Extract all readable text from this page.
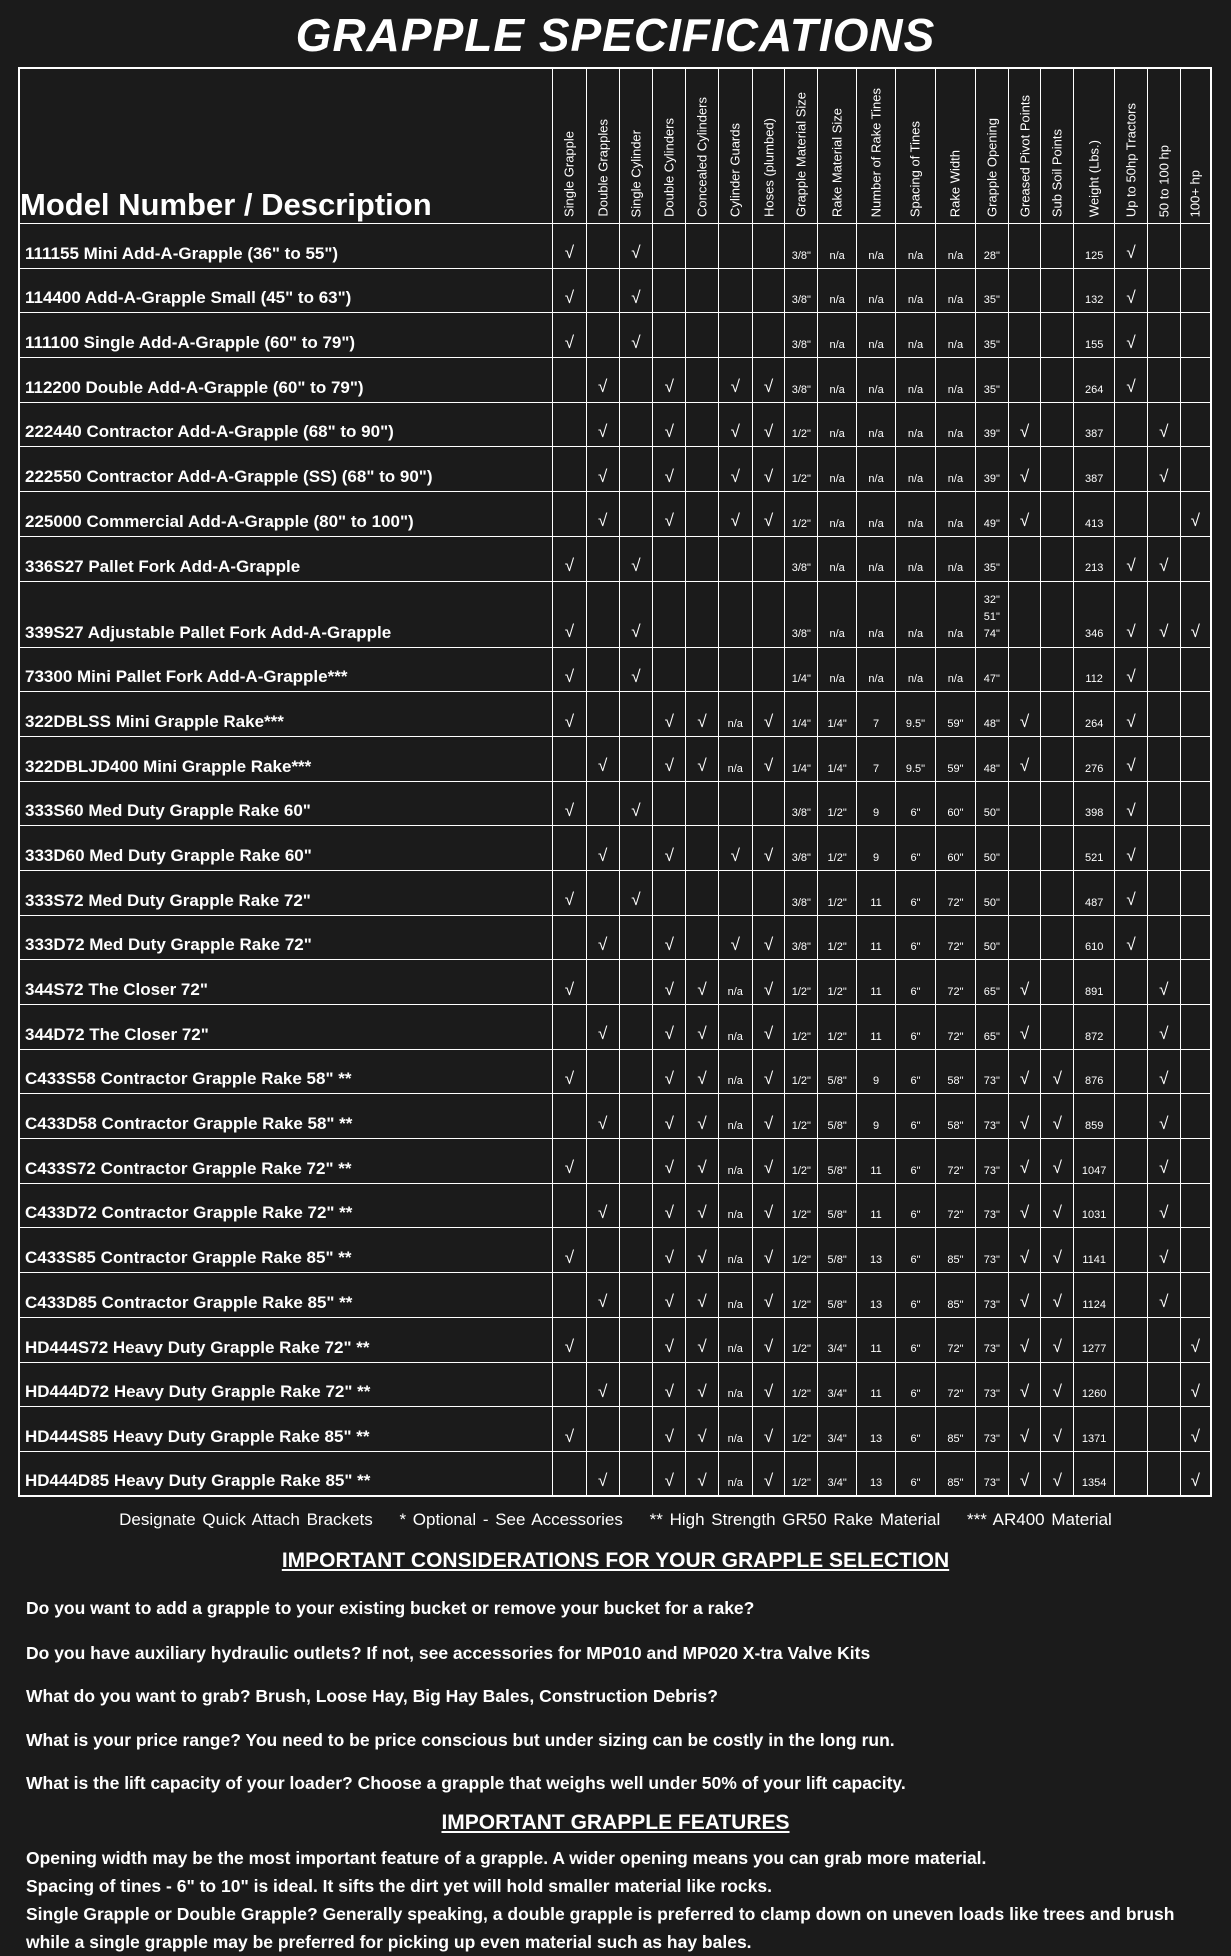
GRAPPLE SPECIFICATIONS
Model Number / Description	Single Grapple	Double Grapples	Single Cylinder	Double Cylinders	Concealed Cylinders	Cylinder Guards	Hoses (plumbed)	Grapple Material Size	Rake Material Size	Number of Rake Tines	Spacing of Tines	Rake Width	Grapple Opening	Greased Pivot Points	Sub Soil Points	Weight (Lbs.)	Up to 50hp Tractors	50 to 100 hp	100+ hp

111155 Mini Add-A-Grapple (36" to 55")	√		√					3/8"	n/a	n/a	n/a	n/a	28"			125	√		
114400 Add-A-Grapple Small (45" to 63")	√		√					3/8"	n/a	n/a	n/a	n/a	35"			132	√		
111100 Single Add-A-Grapple (60" to 79")	√		√					3/8"	n/a	n/a	n/a	n/a	35"			155	√		
112200 Double Add-A-Grapple (60" to 79")		√		√		√	√	3/8"	n/a	n/a	n/a	n/a	35"			264	√		
222440 Contractor Add-A-Grapple (68" to 90")		√		√		√	√	1/2"	n/a	n/a	n/a	n/a	39"	√		387		√	
222550 Contractor Add-A-Grapple (SS) (68" to 90")		√		√		√	√	1/2"	n/a	n/a	n/a	n/a	39"	√		387		√	
225000 Commercial Add-A-Grapple (80" to 100")		√		√		√	√	1/2"	n/a	n/a	n/a	n/a	49"	√		413			√
336S27 Pallet Fork Add-A-Grapple	√		√					3/8"	n/a	n/a	n/a	n/a	35"			213	√	√	
339S27 Adjustable Pallet Fork Add-A-Grapple	√		√					3/8"	n/a	n/a	n/a	n/a	32"
51"
74"			346	√	√	√
73300 Mini Pallet Fork Add-A-Grapple***	√		√					1/4"	n/a	n/a	n/a	n/a	47"			112	√		
322DBLSS Mini Grapple Rake***	√			√	√	n/a	√	1/4"	1/4"	7	9.5"	59"	48"	√		264	√		
322DBLJD400 Mini Grapple Rake***		√		√	√	n/a	√	1/4"	1/4"	7	9.5"	59"	48"	√		276	√		
333S60 Med Duty Grapple Rake 60"	√		√					3/8"	1/2"	9	6"	60"	50"			398	√		
333D60 Med Duty Grapple Rake 60"		√		√		√	√	3/8"	1/2"	9	6"	60"	50"			521	√		
333S72 Med Duty Grapple Rake 72"	√		√					3/8"	1/2"	11	6"	72"	50"			487	√		
333D72 Med Duty Grapple Rake 72"		√		√		√	√	3/8"	1/2"	11	6"	72"	50"			610	√		
344S72 The Closer 72"	√			√	√	n/a	√	1/2"	1/2"	11	6"	72"	65"	√		891		√	
344D72 The Closer 72"		√		√	√	n/a	√	1/2"	1/2"	11	6"	72"	65"	√		872		√	
C433S58 Contractor Grapple Rake 58" **	√			√	√	n/a	√	1/2"	5/8"	9	6"	58"	73"	√	√	876		√	
C433D58 Contractor Grapple Rake 58" **		√		√	√	n/a	√	1/2"	5/8"	9	6"	58"	73"	√	√	859		√	
C433S72 Contractor Grapple Rake 72" **	√			√	√	n/a	√	1/2"	5/8"	11	6"	72"	73"	√	√	1047		√	
C433D72 Contractor Grapple Rake 72" **		√		√	√	n/a	√	1/2"	5/8"	11	6"	72"	73"	√	√	1031		√	
C433S85 Contractor Grapple Rake 85" **	√			√	√	n/a	√	1/2"	5/8"	13	6"	85"	73"	√	√	1141		√	
C433D85 Contractor Grapple Rake 85" **		√		√	√	n/a	√	1/2"	5/8"	13	6"	85"	73"	√	√	1124		√	
HD444S72 Heavy Duty Grapple Rake 72" **	√			√	√	n/a	√	1/2"	3/4"	11	6"	72"	73"	√	√	1277			√
HD444D72 Heavy Duty Grapple Rake 72" **		√		√	√	n/a	√	1/2"	3/4"	11	6"	72"	73"	√	√	1260			√
HD444S85 Heavy Duty Grapple Rake 85" **	√			√	√	n/a	√	1/2"	3/4"	13	6"	85"	73"	√	√	1371			√
HD444D85 Heavy Duty Grapple Rake 85" **		√		√	√	n/a	√	1/2"	3/4"	13	6"	85"	73"	√	√	1354			√
Designate Quick Attach Brackets * Optional - See Accessories ** High Strength GR50 Rake Material *** AR400 Material
IMPORTANT CONSIDERATIONS FOR YOUR GRAPPLE SELECTION
Do you want to add a grapple to your existing bucket or remove your bucket for a rake?
Do you have auxiliary hydraulic outlets? If not, see accessories for MP010 and MP020 X-tra Valve Kits
What do you want to grab? Brush, Loose Hay, Big Hay Bales, Construction Debris?
What is your price range? You need to be price conscious but under sizing can be costly in the long run.
What is the lift capacity of your loader? Choose a grapple that weighs well under 50% of your lift capacity.
IMPORTANT GRAPPLE FEATURES
Opening width may be the most important feature of a grapple. A wider opening means you can grab more material.
Spacing of tines - 6" to 10" is ideal. It sifts the dirt yet will hold smaller material like rocks.
Single Grapple or Double Grapple? Generally speaking, a double grapple is preferred to clamp down on uneven loads like trees and brush while a single grapple may be preferred for picking up even material such as hay bales.
